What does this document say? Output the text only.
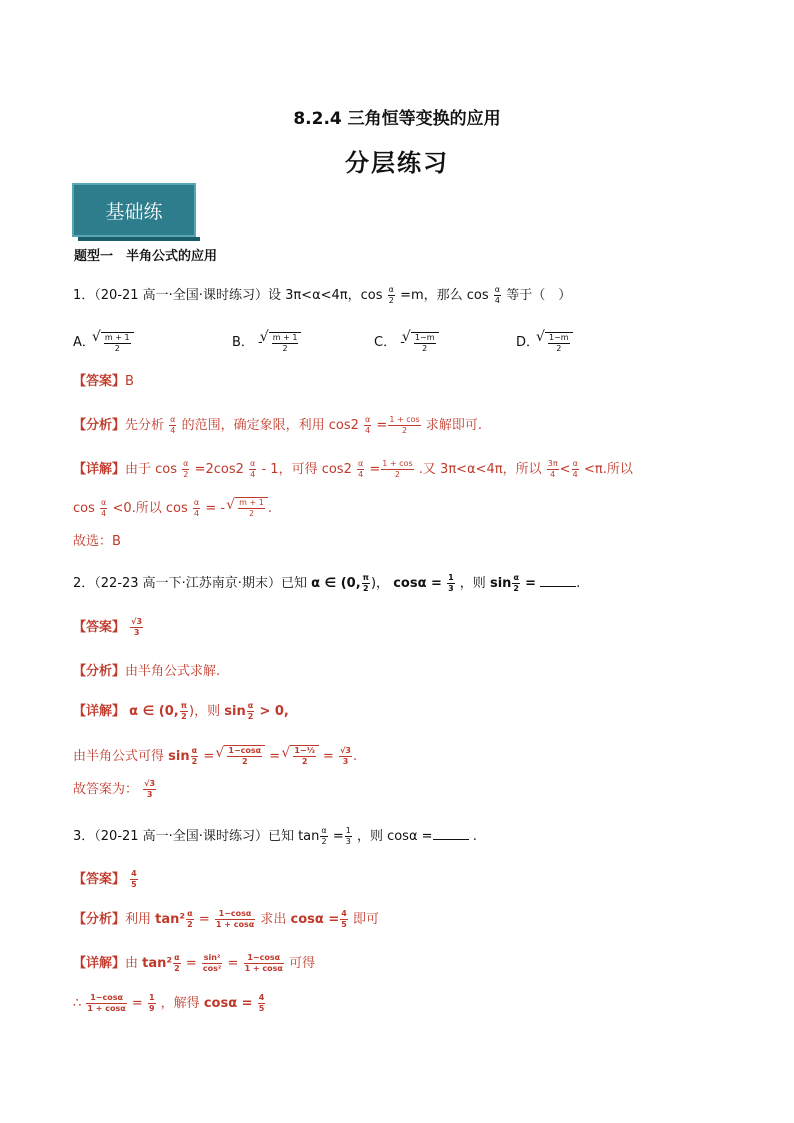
8.2.4 三角恒等变换的应用
分层练习
基础练
题型一　半角公式的应用
1．（20-21 高一·全国·课时练习）设 3π<α<4π，$\cos \frac{\alpha}{2} =m$，那么 $\cos \frac{\alpha}{4}$ 等于（　）
A． √ $\frac{m + 1}{2}$	B． - √ $\frac{m + 1}{2}$	C． - √ $\frac{1-m}{2}$	D． √ $\frac{1-m}{2}$
【答案】B
【分析】先分析 $\frac{\alpha}{4}$ 的范围，确定象限，利用 $\cos 2 \frac{\alpha}{4} = \frac{1 + \cos}{2}$ 求解即可.
【详解】由于 $\cos \frac{\alpha}{2} =2\cos 2 \frac{\alpha}{4} - 1$，可得 $\cos 2 \frac{\alpha}{4} = \frac{1 + \cos}{2}$ .又 3π<α<4π，所以 $\frac{3\pi}{4} < \frac{\alpha}{4} <\pi$.所以
$\cos \frac{\alpha}{4} <0$.所以 $\cos \frac{\alpha}{4}$ = - √ $\frac{m + 1}{2}$ .
故选：B
2．（22-23 高一下·江苏南京·期末）已知 α ∈ (0, $\frac{\pi}{2}$ )， $\cos\alpha = \frac{1}{3}$ ，则 $\sin \frac{\alpha}{2}$ =	.
【答案】 $\frac{√3}{3}$
【分析】由半角公式求解.
【详解】 α ∈ (0, $\frac{\pi}{2}$ )，则 $\sin \frac{\alpha}{2} > 0$,
由半角公式可得 $\sin \frac{\alpha}{2}$ = √ $\frac{1-\cos\alpha}{2}$ = √ $\frac{\text{1−⅓}}{2} = \frac{√3}{3}$ .
故答案为： $\frac{√3}{3}$
3．（20-21 高一·全国·课时练习）已知 $\tan \frac{\alpha}{2} = \frac{1}{3}$ ，则 cosα =	.
【答案】 $\frac{4}{5}$
【分析】利用 $\tan^2 \frac{\alpha}{2} = \frac{1-\cos\alpha}{1 + \cos\alpha}$ 求出 $\cos\alpha = \frac{4}{5}$ 即可
【详解】由 $\tan^2 \frac{\alpha}{2} = \frac{\text{sin²}}{\text{cos²}} = \frac{1-\cos\alpha}{1 + \cos\alpha}$ 可得
∴ $\frac{1-\cos\alpha}{1 + \cos\alpha} = \frac{1}{9}$ ，解得 $\cos\alpha = \frac{4}{5}$
